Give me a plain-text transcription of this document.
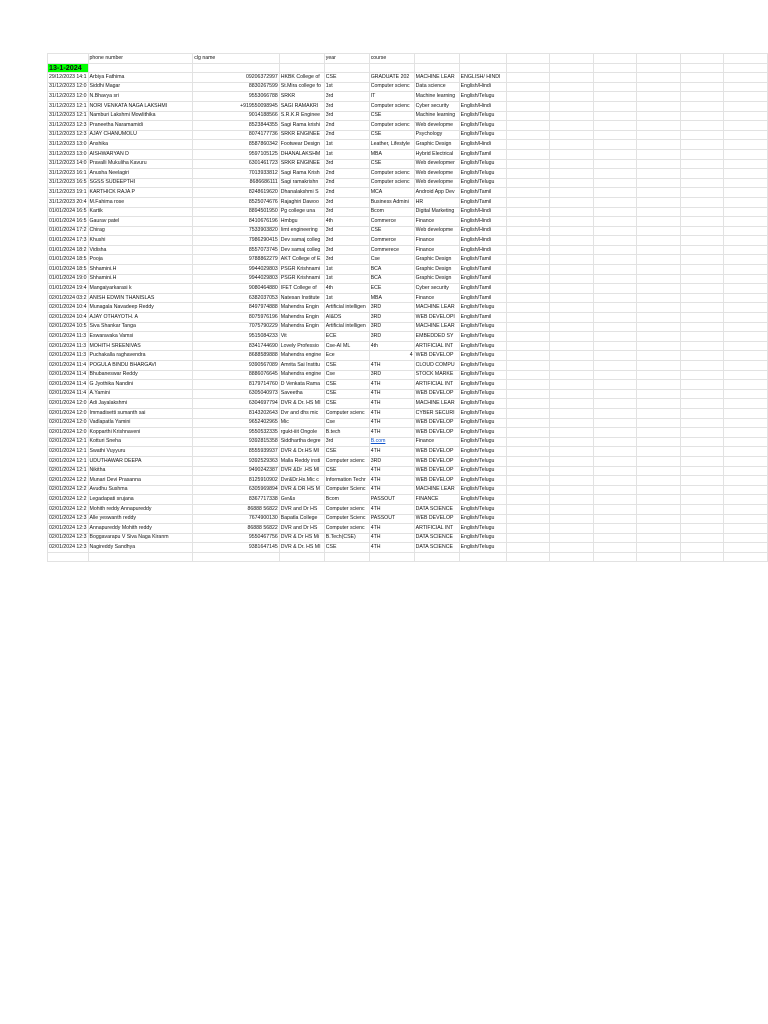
	phone number	clg name		year	course								
13-1-2024													
29/12/2023 14:1	Arbiya Fathima	09206372997	HKBK College of	CSE	GRADUATE 202	MACHINE LEAR	ENGLISH/ HINDI						
31/12/2023 12:0	Siddhi Magar	8830267599	St.Mira college fo	1st	Computer scienc	Data science	English/Hindi						
31/12/2023 12:0	N.Bhavya sri	9553066788	SRKR	3rd	IT	Machine learning	English/Telugu						
31/12/2023 12:1	NORI VENKATA NAGA LAKSHMI	+919550098945	SAGI RAMAKRI	3rd	Computer scienc	Cyber security	English/Hindi						
31/12/2023 12:1	Namburi Lakshmi Mowlithika	9014188566	S.R.K.R Enginee	3rd	CSE	Machine learning	English/Telugu						
31/12/2023 12:3	Praneetha Naramamidi	8523844355	Sagi Rama krishi	2nd	Computer scienc	Web developme	English/Telugu						
31/12/2023 12:3	AJAY CHANUMOLU	8074177736	SRKR ENGINEE	2nd	CSE	Psychology	English/Telugu						
31/12/2023 13:0	Anshika	8587860342	Footwear Design	1st	Leather, Lifestyle	Graphic Design	English/Hindi						
31/12/2023 13:0	AISHWARYAN D	9597105125	DHANALAKSHM	1st	MBA	Hybrid Electrical	English/Tamil						
31/12/2023 14:0	Pravalli Mukuliha Kavuru	6301461723	SRKR ENGINEE	3rd	CSE	Web developmer	English/Telugu						
31/12/2023 16:1	Anusha Neelagiri	7013933812	Sagi Rama Krish	2nd	Computer scienc	Web developme	English/Telugu						
31/12/2023 16:5	SGSS SUDEEPTHI	8686686111	Sagi ramakrishn	2nd	Computer scienc	Web developme	English/Telugu						
31/12/2023 19:1	KARTHICK RAJA P	8248619620	Dhanalakshmi S	2nd	MCA	Android App Dev	English/Tamil						
31/12/2023 20:4	M.Fahima rose	8525074676	Rajaghiri Dawoo	3rd	Business Admini	HR	English/Tamil						
01/01/2024 16:5	Kartik	8894501950	Pg college una	3rd	Bcom	Digital Marketing	English/Hindi						
01/01/2024 16:5	Gaurav patel	8410676196	Hmbgu	4th	Commerce	Finance	English/Hindi						
01/01/2024 17:2	Chirag	7533903820	Iimt engineering	3rd	CSE	Web developme	English/Hindi						
01/01/2024 17:3	Khushi	7986290415	Dev samaj colleg	3rd	Commerce	Finance	English/Hindi						
01/01/2024 18:2	Vidisha	8557073745	Dev samaj colleg	3rd	Commerece	Finance	English/Hindi						
01/01/2024 18:5	Pooja	9788862279	AKT College of E	3rd	Cse	Graphic Design	English/Tamil						
01/01/2024 18:5	Shhamini.H	9944029803	PSGR Krishnami	1st	BCA	Graphic Design	English/Tamil						
01/01/2024 19:0	Shhamini.H	9944029803	PSGR Krishnami	1st	BCA	Graphic Design	English/Tamil						
01/01/2024 19:4	Mangaiyarkarasi k	9080464880	IFET College of	4th	ECE	Cyber security	English/Tamil						
02/01/2024 03:2	ANISH EDWIN THANISLAS	6382037053	Natesan Institute	1st	MBA	Finance	English/Tamil						
02/01/2024 10:4	Munagala Navadeep Reddy	8497974888	Mahendra Engin	Artificial intelligen	3RD	MACHINE LEAR	English/Telugu						
02/01/2024 10:4	AJAY OTHAYOTH. A	8075976196	Mahendra Engin	AI&DS	3RD	WEB DEVELOPI	English/Tamil						
02/01/2024 10:5	Siva Shankar Tanga	7075790229	Mahendra Engin	Artificial intelligen	3RD	MACHINE LEAR	English/Telugu						
02/01/2024 11:3	Eswaravaka Vamsi	9515084233	Vit	ECE	3RD	EMBEDDED SY	English/Telugu						
02/01/2024 11:3	MOHITH SREENIVAS	8341744690	Lovely Professio	Cse-AI ML	4th	ARTIFICIAL INT	English/Telugu						
02/01/2024 11:3	Puchakalla raghavendra	8688589888	Mahendra engine	Ece	4	WEB DEVELOP	English/Telugu						
02/01/2024 11:4	POGULA BINDU BHARGAVI	9390567089	Amrita Sai Institu	CSE	4TH	CLOUD COMPU	English/Telugu						
02/01/2024 11:4	Bhubaneswar Reddy	8886076645	Mahendra engine	Cse	3RD	STOCK MARKE	English/Telugu						
02/01/2024 11:4	G Jyothika Nandini	8179714760	D Venkata Rama	CSE	4TH	ARTIFICIAL INT	English/Telugu						
02/01/2024 11:4	A.Yamini	6305040973	Saveetha	CSE	4TH	WEB DEVELOP	English/Telugu						
02/01/2024 12:0	Adi Jayalakshmi	6304697794	DVR & Dr. HS MI	CSE	4TH	MACHINE LEAR	English/Telugu						
02/01/2024 12:0	Immadisetti sumanth sai	8143202643	Dvr and dhs mic	Computer scienc	4TH	CYBER SECURI	English/Telugu						
02/01/2024 12:0	Vadlapatla Yamini	9652402965	Mic	Cse	4TH	WEB DEVELOP	English/Telugu						
02/01/2024 12:0	Kopparthi Krishnaveni	9550532335	rgukt-iiit Ongole	B.tech	4TH	WEB DEVELOP	English/Telugu						
02/01/2024 12:1	Kotturi Sneha	9392815358	Siddhartha degre	3rd	B.com	Finance	English/Telugu						
02/01/2024 12:1	Swathi Vuyyuru	8555939937	DVR & Dr.HS MI	CSE	4TH	WEB DEVELOP	English/Telugu						
02/01/2024 12:1	UDUTHAWAR DEEPA	9392529363	Malla Reddy insti	Computer scienc	3RD	WEB DEVELOP	English/Telugu						
02/01/2024 12:1	Nikitha	9490242387	DVR &Dr .HS MI	CSE	4TH	WEB DEVELOP	English/Telugu						
02/01/2024 12:2	Munari Devi Prasanna	8125910902	Dvr&Dr.Hs.Mic c	Information Techr	4TH	WEB DEVELOP	English/Telugu						
02/01/2024 12:2	Avudhu Sushma	6305969894	DVR & DR HS M	Computer Scienc	4TH	MACHINE LEAR	English/Telugu						
02/01/2024 12:2	Legadapati srujana	8367717338	Gvr&s	Bcom	PASSOUT	FINANCE	English/Telugu						
02/01/2024 12:2	Mohith reddy Annapureddy	86888 56822	DVR and Dr HS	Computer scienc	4TH	DATA SCIENCE	English/Telugu						
02/01/2024 12:3	Alle yeswanth reddy	7674900130	Bapatla College	Computer Scienc	PASSOUT	WEB DEVELOP	English/Telugu						
02/01/2024 12:3	Annapureddy Mohith reddy	86888 56822	DVR and Dr HS	Computer scienc	4TH	ARTIFICIAL INT	English/Telugu						
02/01/2024 12:3	Boggavarapu V Siva Naga Kiranm	9550467756	DVR & Dr HS Mi	B.Tech(CSE)	4TH	DATA SCIENCE	English/Telugu						
02/01/2024 12:3	Nagireddy Sandhya	9381647145	DVR & Dr. HS MI	CSE	4TH	DATA SCIENCE	English/Telugu						
